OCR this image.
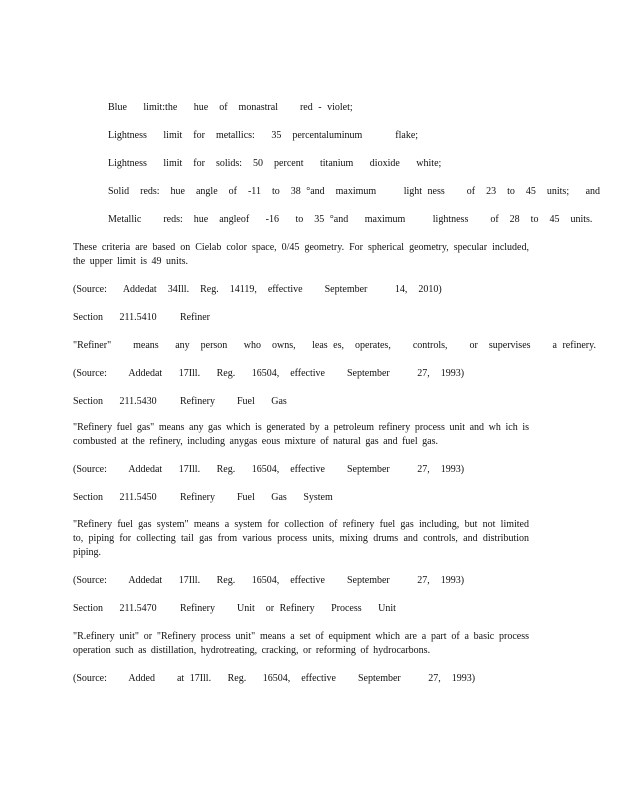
Blue   limit:the   hue  of  monastral    red - violet;
Lightness   limit  for  metallics:   35  percentaluminum      flake;
Lightness   limit  for  solids:  50  percent   titanium   dioxide   white;
Solid  reds:  hue  angle  of  -11  to  38 °and  maximum     light ness    of  23  to  45  units;   and
Metallic    reds:  hue  angleof   -16   to  35 °and   maximum     lightness    of  28  to  45  units.
These criteria are based on Cielab color space, 0/45 geometry. For spherical geometry, specular included, the upper limit is 49 units.
(Source:   Addedat  34Ill.  Reg.  14119,  effective    September     14,  2010)
Section   211.5410 Refiner
"Refiner"    means   any  person   who  owns,   leas es,  operates,    controls,    or  supervises    a refinery.
(Source:    Addedat   17Ill.   Reg.   16504,  effective    September     27,  1993)
Section   211.5430 Refinery    Fuel   Gas
"Refinery fuel gas" means any gas which is generated by a petroleum refinery process unit and wh ich is combusted at the refinery, including anygas eous mixture of natural gas and fuel gas.
(Source:    Addedat   17Ill.   Reg.   16504,  effective    September     27,  1993)
Section   211.5450 Refinery    Fuel   Gas   System
"Refinery fuel gas system" means a system for collection of refinery fuel gas including, but not limited to, piping for collecting tail gas from various process units, mixing drums and controls, and distribution piping.
(Source:    Addedat   17Ill.   Reg.   16504,  effective    September     27,  1993)
Section   211.5470 Refinery    Unit  or Refinery   Process   Unit
"R.efinery unit" or "Refinery process unit" means a set of equipment which are a part of a basic process operation such as distillation, hydrotreating, cracking, or reforming of hydrocarbons.
(Source:    Added    at 17Ill.   Reg.   16504,  effective    September     27,  1993)
